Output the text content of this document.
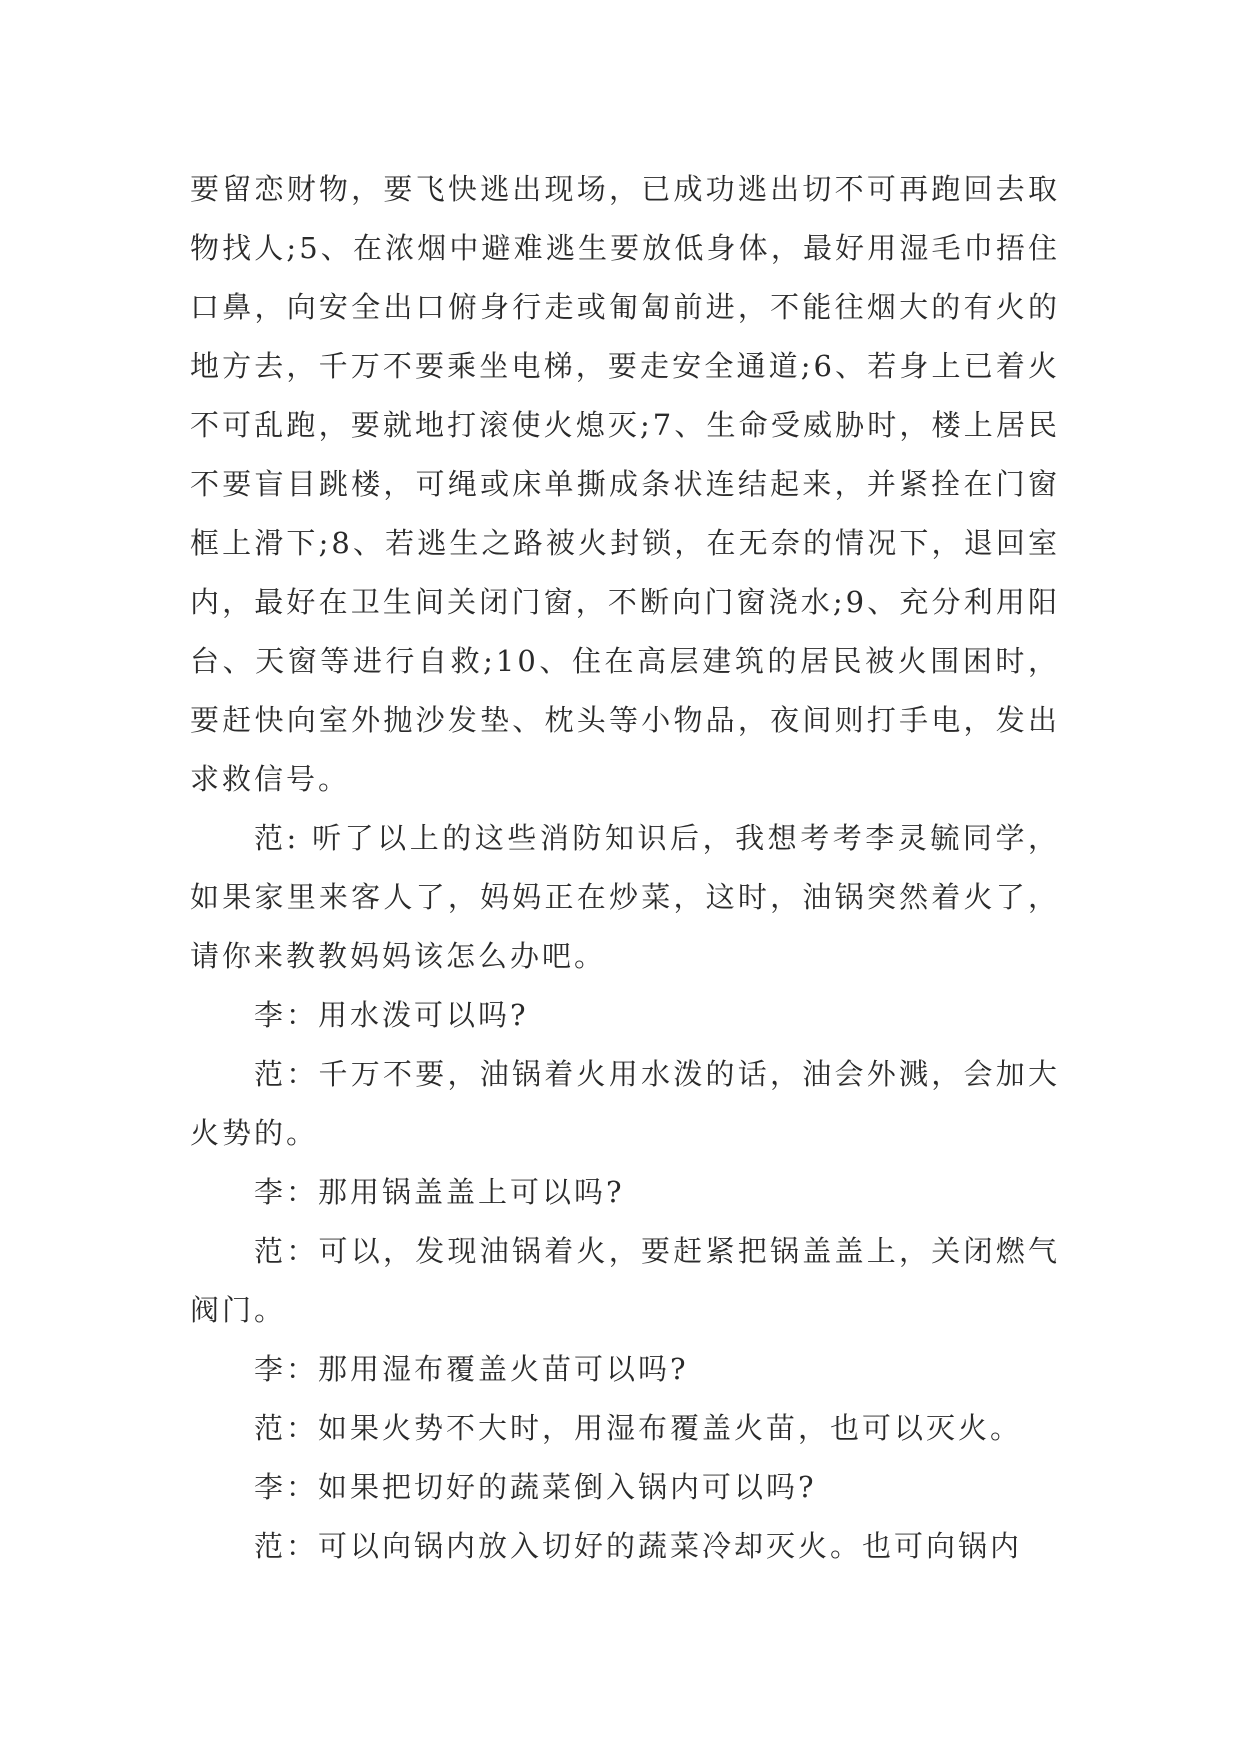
要留恋财物，要飞快逃出现场，已成功逃出切不可再跑回去取物找人;5、在浓烟中避难逃生要放低身体，最好用湿毛巾捂住口鼻，向安全出口俯身行走或匍匐前进，不能往烟大的有火的地方去，千万不要乘坐电梯，要走安全通道;6、若身上已着火不可乱跑，要就地打滚使火熄灭;7、生命受威胁时，楼上居民不要盲目跳楼，可绳或床单撕成条状连结起来，并紧拴在门窗框上滑下;8、若逃生之路被火封锁，在无奈的情况下，退回室内，最好在卫生间关闭门窗，不断向门窗浇水;9、充分利用阳台、天窗等进行自救;10、住在高层建筑的居民被火围困时，要赶快向室外抛沙发垫、枕头等小物品，夜间则打手电，发出求救信号。

范: 听了以上的这些消防知识后，我想考考李灵毓同学，如果家里来客人了，妈妈正在炒菜，这时，油锅突然着火了，请你来教教妈妈该怎么办吧。

李：用水泼可以吗?

范：千万不要，油锅着火用水泼的话，油会外溅，会加大火势的。

李：那用锅盖盖上可以吗?

范：可以，发现油锅着火，要赶紧把锅盖盖上，关闭燃气阀门。

李：那用湿布覆盖火苗可以吗?

范：如果火势不大时，用湿布覆盖火苗，也可以灭火。

李：如果把切好的蔬菜倒入锅内可以吗?

范：可以向锅内放入切好的蔬菜冷却灭火。也可向锅内
